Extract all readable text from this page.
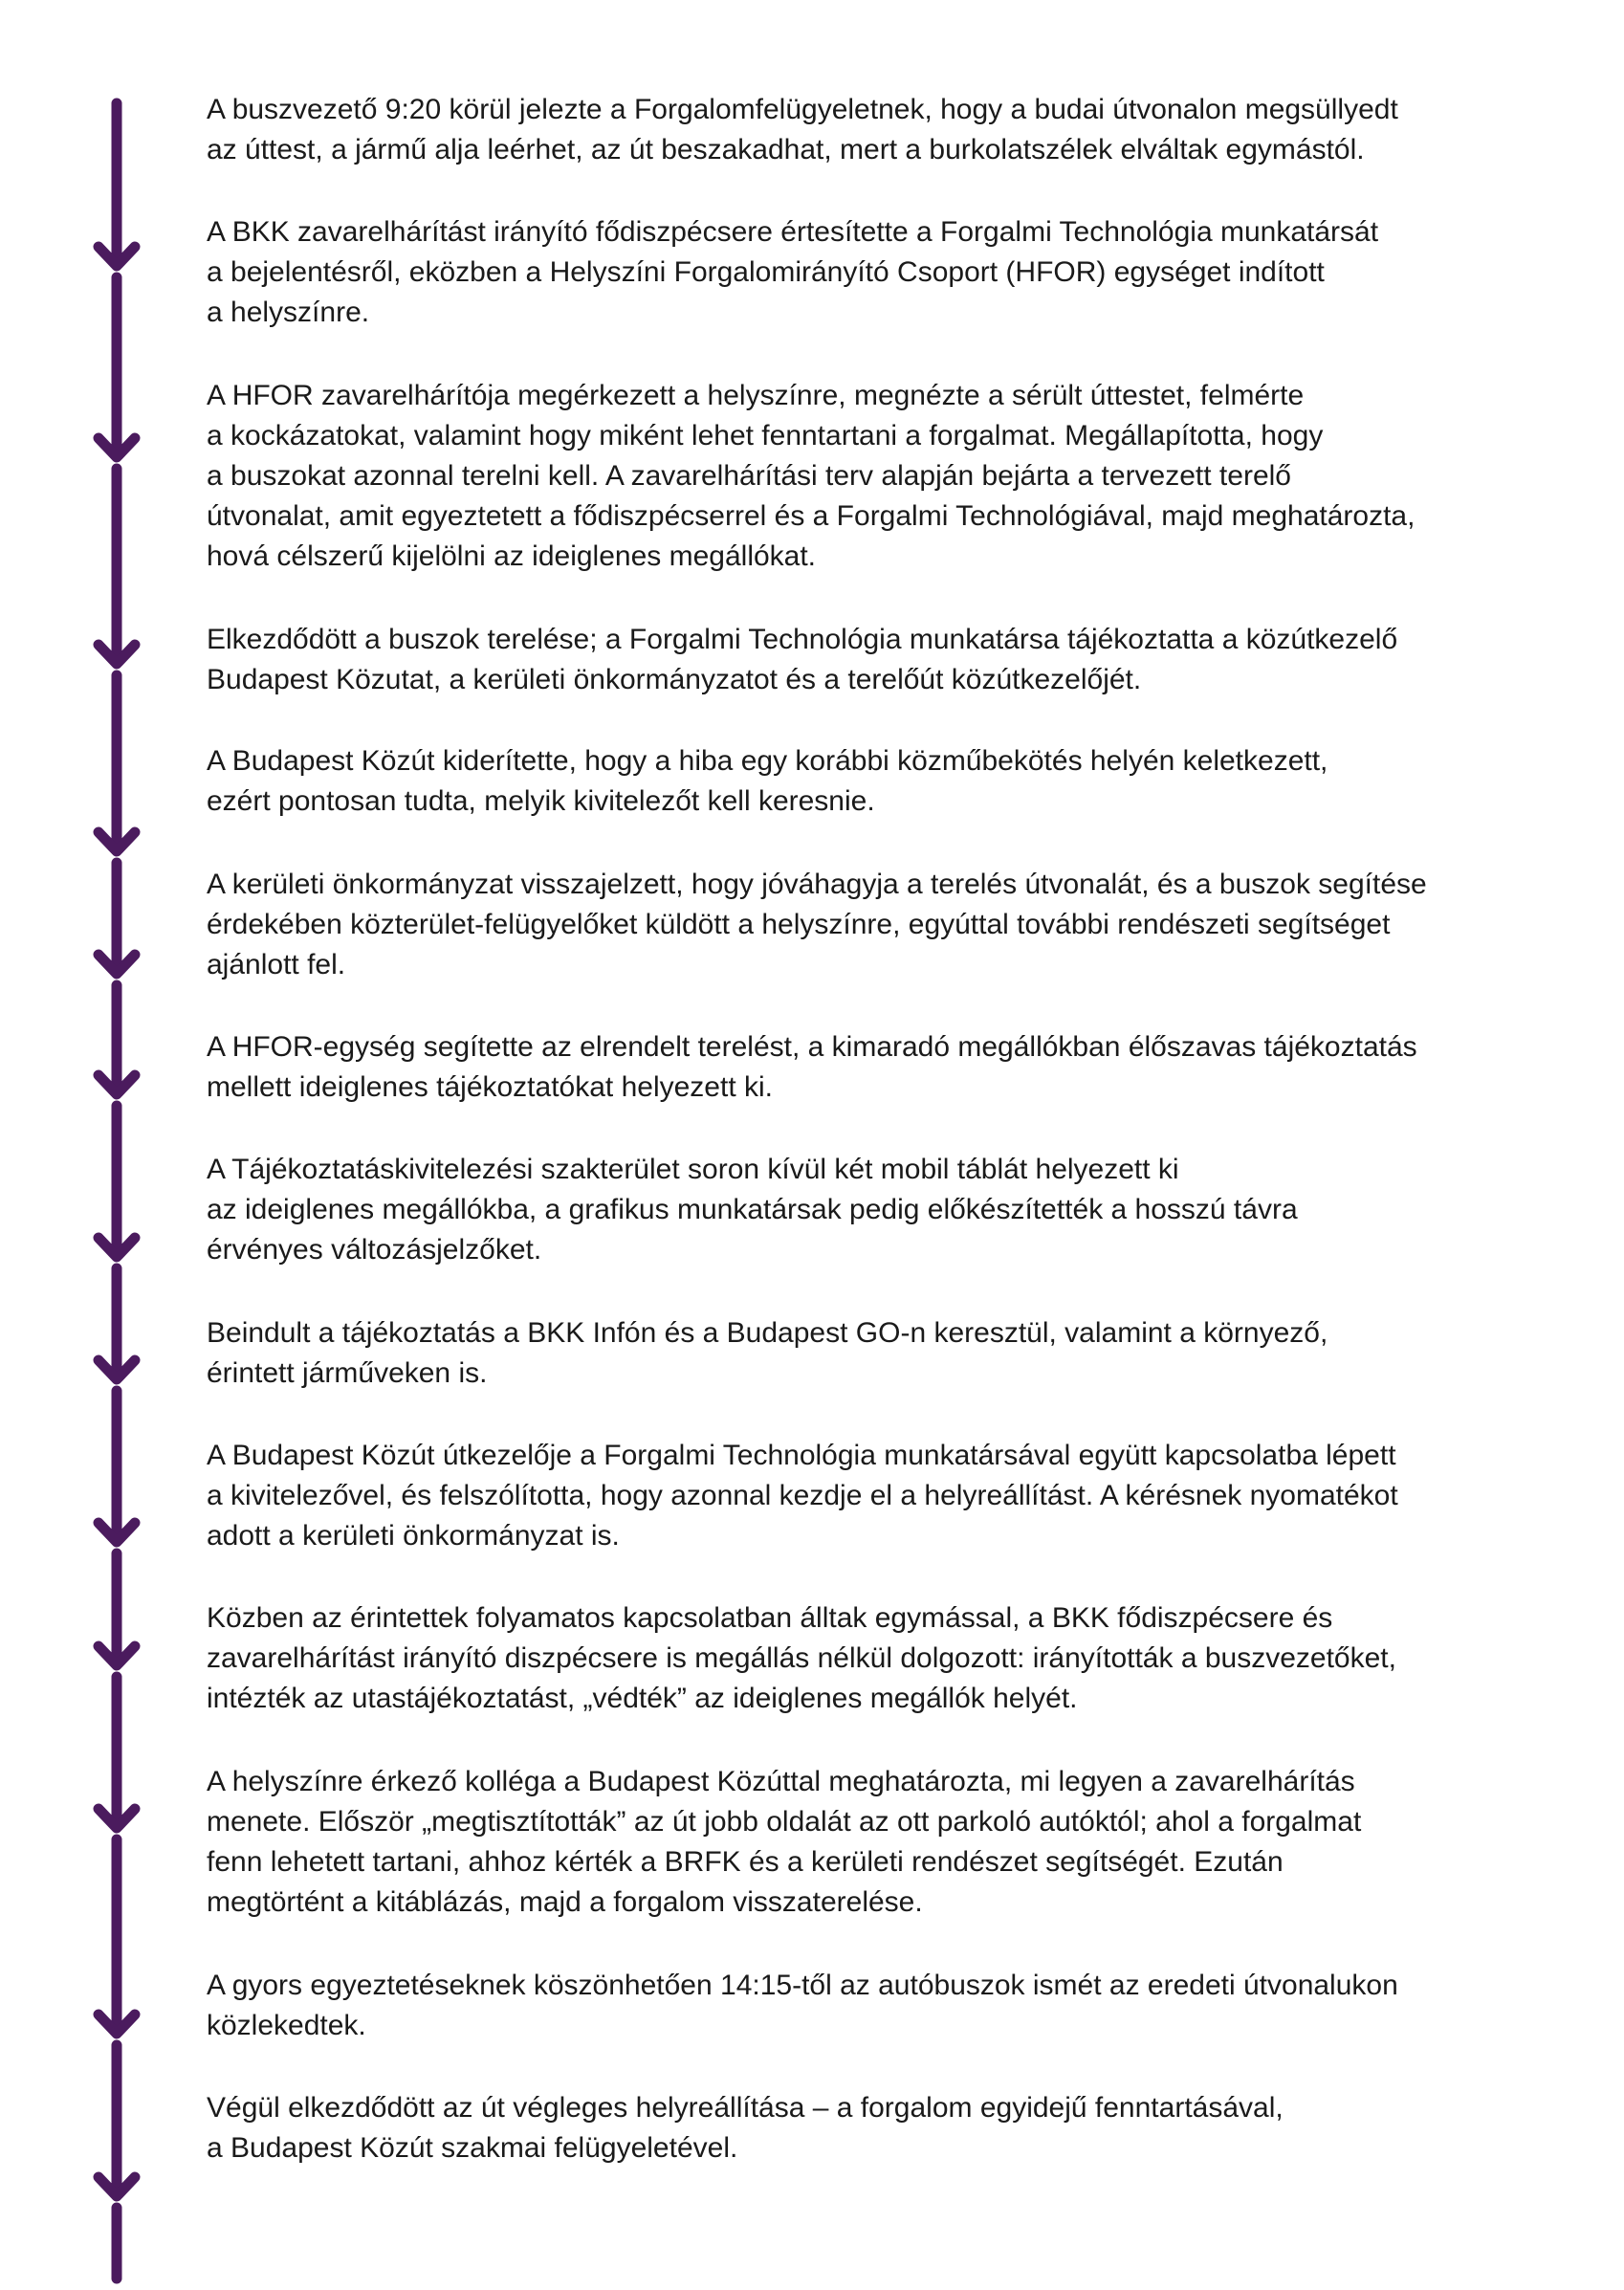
A buszvezető 9:20 körül jelezte a Forgalomfelügyeletnek, hogy a budai útvonalon megsüllyedt
az úttest, a jármű alja leérhet, az út beszakadhat, mert a burkolatszélek elváltak egymástól.

A BKK zavarelhárítást irányító fődiszpécsere értesítette a Forgalmi Technológia munkatársát
a bejelentésről, eközben a Helyszíni Forgalomirányító Csoport (HFOR) egységet indított
a helyszínre.

A HFOR zavarelhárítója megérkezett a helyszínre, megnézte a sérült úttestet, felmérte
a kockázatokat, valamint hogy miként lehet fenntartani a forgalmat. Megállapította, hogy
a buszokat azonnal terelni kell. A zavarelhárítási terv alapján bejárta a tervezett terelő
útvonalat, amit egyeztetett a fődiszpécserrel és a Forgalmi Technológiával, majd meghatározta,
hová célszerű kijelölni az ideiglenes megállókat.

Elkezdődött a buszok terelése; a Forgalmi Technológia munkatársa tájékoztatta a közútkezelő
Budapest Közutat, a kerületi önkormányzatot és a terelőút közútkezelőjét.

A Budapest Közút kiderítette, hogy a hiba egy korábbi közműbekötés helyén keletkezett,
ezért pontosan tudta, melyik kivitelezőt kell keresnie.

A kerületi önkormányzat visszajelzett, hogy jóváhagyja a terelés útvonalát, és a buszok segítése
érdekében közterület-felügyelőket küldött a helyszínre, egyúttal további rendészeti segítséget
ajánlott fel.

A HFOR-egység segítette az elrendelt terelést, a kimaradó megállókban élőszavas tájékoztatás
mellett ideiglenes tájékoztatókat helyezett ki.

A Tájékoztatáskivitelezési szakterület soron kívül két mobil táblát helyezett ki
az ideiglenes megállókba, a grafikus munkatársak pedig előkészítették a hosszú távra
érvényes változásjelzőket.

Beindult a tájékoztatás a BKK Infón és a Budapest GO-n keresztül, valamint a környező,
érintett járműveken is.

A Budapest Közút útkezelője a Forgalmi Technológia munkatársával együtt kapcsolatba lépett
a kivitelezővel, és felszólította, hogy azonnal kezdje el a helyreállítást. A kérésnek nyomatékot
adott a kerületi önkormányzat is.

Közben az érintettek folyamatos kapcsolatban álltak egymással, a BKK fődiszpécsere és
zavarelhárítást irányító diszpécsere is megállás nélkül dolgozott: irányították a buszvezetőket,
intézték az utastájékoztatást, „védték” az ideiglenes megállók helyét.

A helyszínre érkező kolléga a Budapest Közúttal meghatározta, mi legyen a zavarelhárítás
menete. Először „megtisztították” az út jobb oldalát az ott parkoló autóktól; ahol a forgalmat
fenn lehetett tartani, ahhoz kérték a BRFK és a kerületi rendészet segítségét. Ezután
megtörtént a kitáblázás, majd a forgalom visszaterelése.

A gyors egyeztetéseknek köszönhetően 14:15-től az autóbuszok ismét az eredeti útvonalukon
közlekedtek.

Végül elkezdődött az út végleges helyreállítása – a forgalom egyidejű fenntartásával,
a Budapest Közút szakmai felügyeletével.
